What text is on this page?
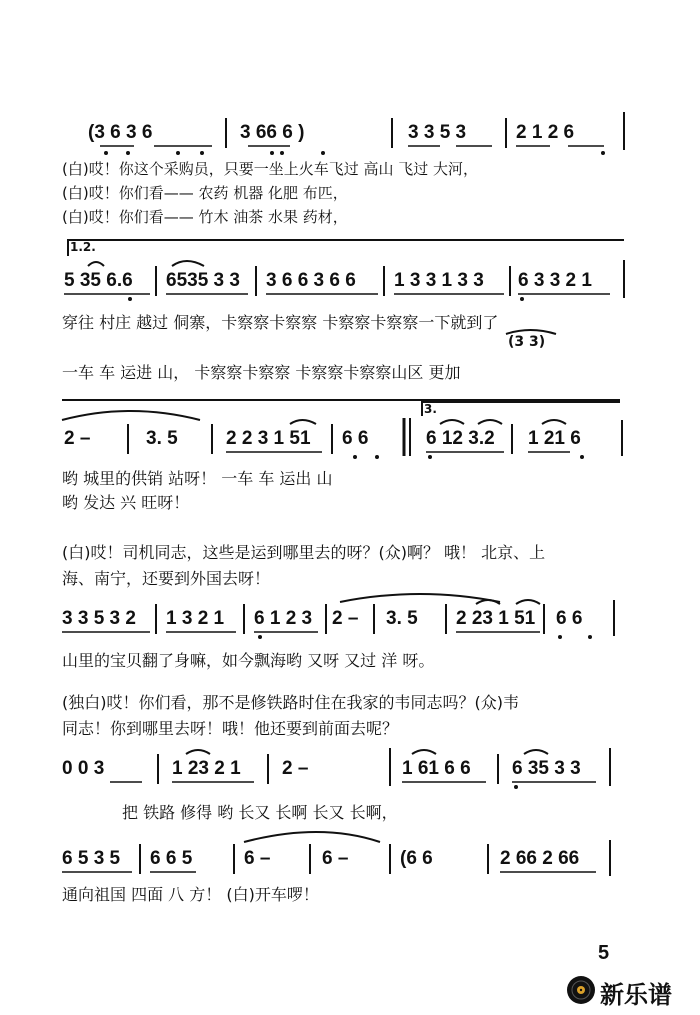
(3 6 3 6	3 66 6 )	3 3 5 3	2 1 2 6
(白)哎！你这个采购员，只要一坐上火车飞过 高山 飞过 大河，
(白)哎！你们看—— 农药 机器 化肥 布匹，
(白)哎！你们看—— 竹木 油茶 水果 药材，
1.2.
5 35 6.6 6535 3 3 3 6 6 3 6 6 1 3 3 1 3 3 6 3 3 2 1
穿往 村庄 越过 侗寨，卡察察卡察察 卡察察卡察察一下就到了
(3 3)
一车 车 运进 山， 卡察察卡察察 卡察察卡察察山区 更加
3.
2 –	3. 5	2 2 3 1 51 6 6	6 12 3.2 1 21 6
哟 城里的供销 站呀！ 一车 车 运出 山
哟 发达 兴 旺呀！
(白)哎！司机同志，这些是运到哪里去的呀？(众)啊？ 哦！ 北京、上
海、南宁，还要到外国去呀！
3 3 5 3 2 1 3 2 1 6 1 2 3 2 – 3. 5 2 23 1 51 6 6
山里的宝贝翻了身嘛，如今飘海哟 又呀 又过 洋 呀。
(独白)哎！你们看，那不是修铁路时住在我家的韦同志吗？(众)韦
同志！你到哪里去呀！哦！他还要到前面去呢？
0 0 3	1 23 2 1 2 –	1 61 6 6 6 35 3 3
把 铁路 修得 哟 长又 长啊 长又 长啊，
6 5 3 5 6 6 5	6 –	6 –	(6 6	2 66 2 66
通向祖国 四面 八 方！ (白)开车啰！
5
新乐谱
